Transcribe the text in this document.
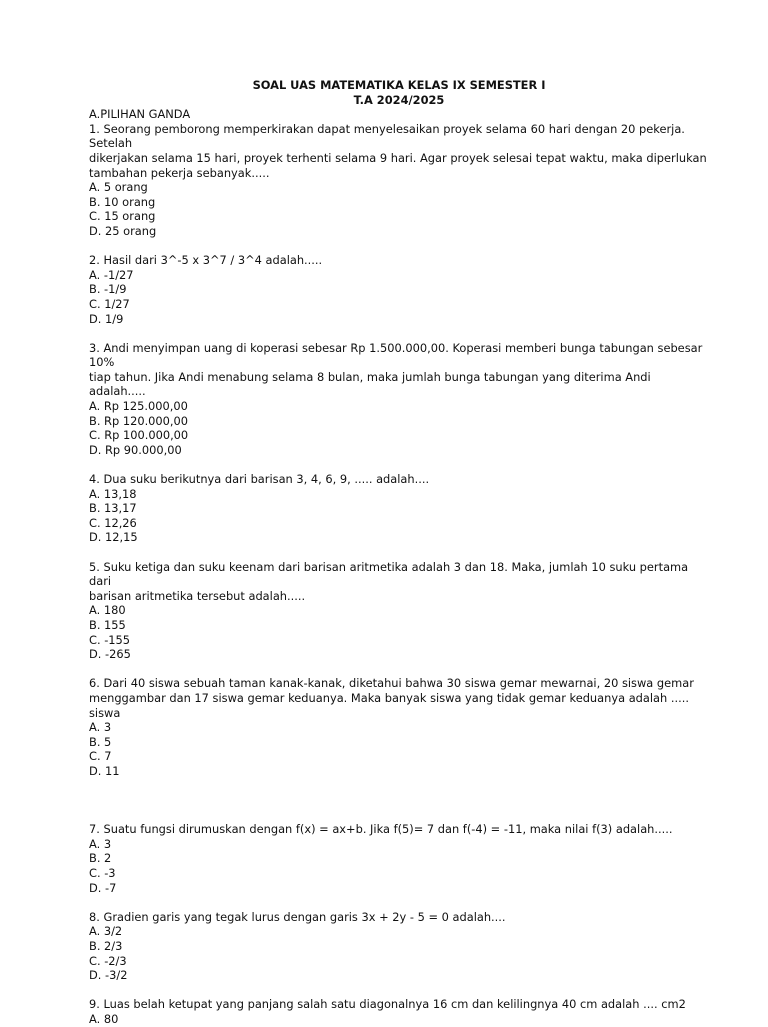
SOAL UAS MATEMATIKA KELAS IX SEMESTER I
T.A 2024/2025
A.PILIHAN GANDA
1. Seorang pemborong memperkirakan dapat menyelesaikan proyek selama 60 hari dengan 20 pekerja. Setelah
dikerjakan selama 15 hari, proyek terhenti selama 9 hari. Agar proyek selesai tepat waktu, maka diperlukan
tambahan pekerja sebanyak.....
A. 5 orang
B. 10 orang
C. 15 orang
D. 25 orang
2. Hasil dari 3^-5 x 3^7 / 3^4 adalah.....
A. -1/27
B. -1/9
C. 1/27
D. 1/9
3. Andi menyimpan uang di koperasi sebesar Rp 1.500.000,00. Koperasi memberi bunga tabungan sebesar 10%
tiap tahun. Jika Andi menabung selama 8 bulan, maka jumlah bunga tabungan yang diterima Andi adalah.....
A. Rp 125.000,00
B. Rp 120.000,00
C. Rp 100.000,00
D. Rp 90.000,00
4. Dua suku berikutnya dari barisan 3, 4, 6, 9, ..... adalah....
A. 13,18
B. 13,17
C. 12,26
D. 12,15
5. Suku ketiga dan suku keenam dari barisan aritmetika adalah 3 dan 18. Maka, jumlah 10 suku pertama dari
barisan aritmetika tersebut adalah.....
A. 180
B. 155
C. -155
D. -265
6. Dari 40 siswa sebuah taman kanak-kanak, diketahui bahwa 30 siswa gemar mewarnai, 20 siswa gemar
menggambar dan 17 siswa gemar keduanya. Maka banyak siswa yang tidak gemar keduanya adalah ..... siswa
A. 3
B. 5
C. 7
D. 11
7. Suatu fungsi dirumuskan dengan f(x) = ax+b. Jika f(5)= 7 dan f(-4) = -11, maka nilai f(3) adalah.....
A. 3
B. 2
C. -3
D. -7
8. Gradien garis yang tegak lurus dengan garis 3x + 2y - 5 = 0 adalah....
A. 3/2
B. 2/3
C. -2/3
D. -3/2
9. Luas belah ketupat yang panjang salah satu diagonalnya 16 cm dan kelilingnya 40 cm adalah .... cm2
A. 80
